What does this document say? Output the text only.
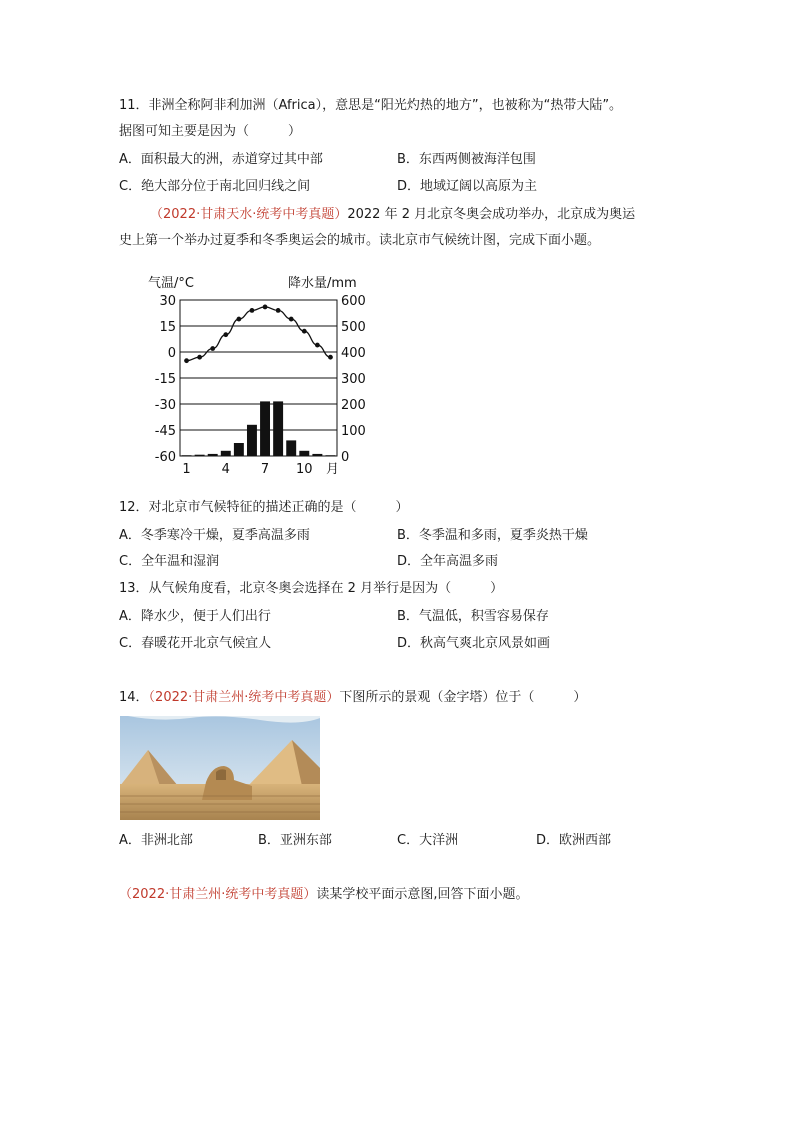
11．非洲全称阿非利加洲（Africa），意思是“阳光灼热的地方”，也被称为“热带大陆”。
据图可知主要是因为（　　　）
A．面积最大的洲，赤道穿过其中部	B．东西两侧被海洋包围
C．绝大部分位于南北回归线之间	D．地域辽阔以高原为主
（2022·甘肃天水·统考中考真题）2022 年 2 月北京冬奥会成功举办，北京成为奥运
史上第一个举办过夏季和冬季奥运会的城市。读北京市气候统计图，完成下面小题。
气温/°C	降水量/mm
30	600
15	500
0	400
-15	300
-30	200
-45	100
-60	0
1 4 7 10 月
12．对北京市气候特征的描述正确的是（　　　）
A．冬季寒冷干燥，夏季高温多雨	B．冬季温和多雨，夏季炎热干燥
C．全年温和湿润	D．全年高温多雨
13．从气候角度看，北京冬奥会选择在 2 月举行是因为（　　　）
A．降水少，便于人们出行	B．气温低，积雪容易保存
C．春暖花开北京气候宜人	D．秋高气爽北京风景如画
14．（2022·甘肃兰州·统考中考真题）下图所示的景观（金字塔）位于（　　　）
A．非洲北部	B．亚洲东部	C．大洋洲	D．欧洲西部
（2022·甘肃兰州·统考中考真题）读某学校平面示意图,回答下面小题。
